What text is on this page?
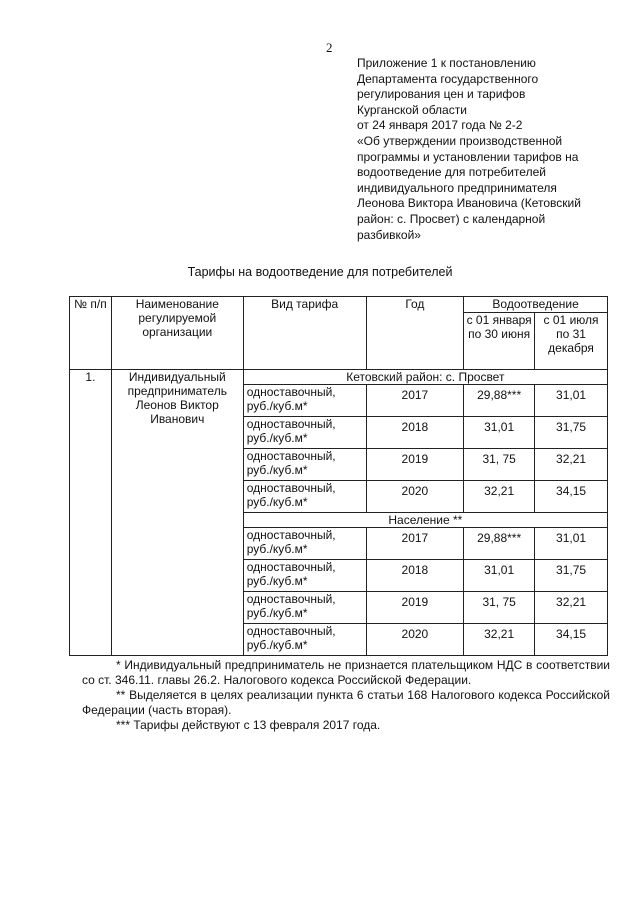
2
Приложение 1 к постановлению
Департамента государственного
регулирования цен и тарифов
Курганской области
от 24 января 2017 года № 2-2
«Об утверждении производственной
программы и установлении тарифов на
водоотведение для потребителей
индивидуального предпринимателя
Леонова Виктора Ивановича (Кетовский
район: с. Просвет) с календарной
разбивкой»
Тарифы на водоотведение для потребителей
№ п/п	Наименование регулируемой организации	Вид тарифа	Год	Водоотведение	
				с 01 января по 30 июня	с 01 июля по 31 декабря
1.	Индивидуальный предприниматель Леонов Виктор Иванович	Кетовский район: с. Просвет			
		одноставочный, руб./куб.м*	2017	29,88***	31,01
		одноставочный, руб./куб.м*	2018	31,01	31,75
		одноставочный, руб./куб.м*	2019	31, 75	32,21
		одноставочный, руб./куб.м*	2020	32,21	34,15
		Население **			
		одноставочный, руб./куб.м*	2017	29,88***	31,01
		одноставочный, руб./куб.м*	2018	31,01	31,75
		одноставочный, руб./куб.м*	2019	31, 75	32,21
		одноставочный, руб./куб.м*	2020	32,21	34,15

* Индивидуальный предприниматель не признается плательщиком НДС в соответствии со ст. 346.11. главы 26.2. Налогового кодекса Российской Федерации.

** Выделяется в целях реализации пункта 6 статьи 168 Налогового кодекса Российской Федерации (часть вторая).

*** Тарифы действуют с 13 февраля 2017 года.
